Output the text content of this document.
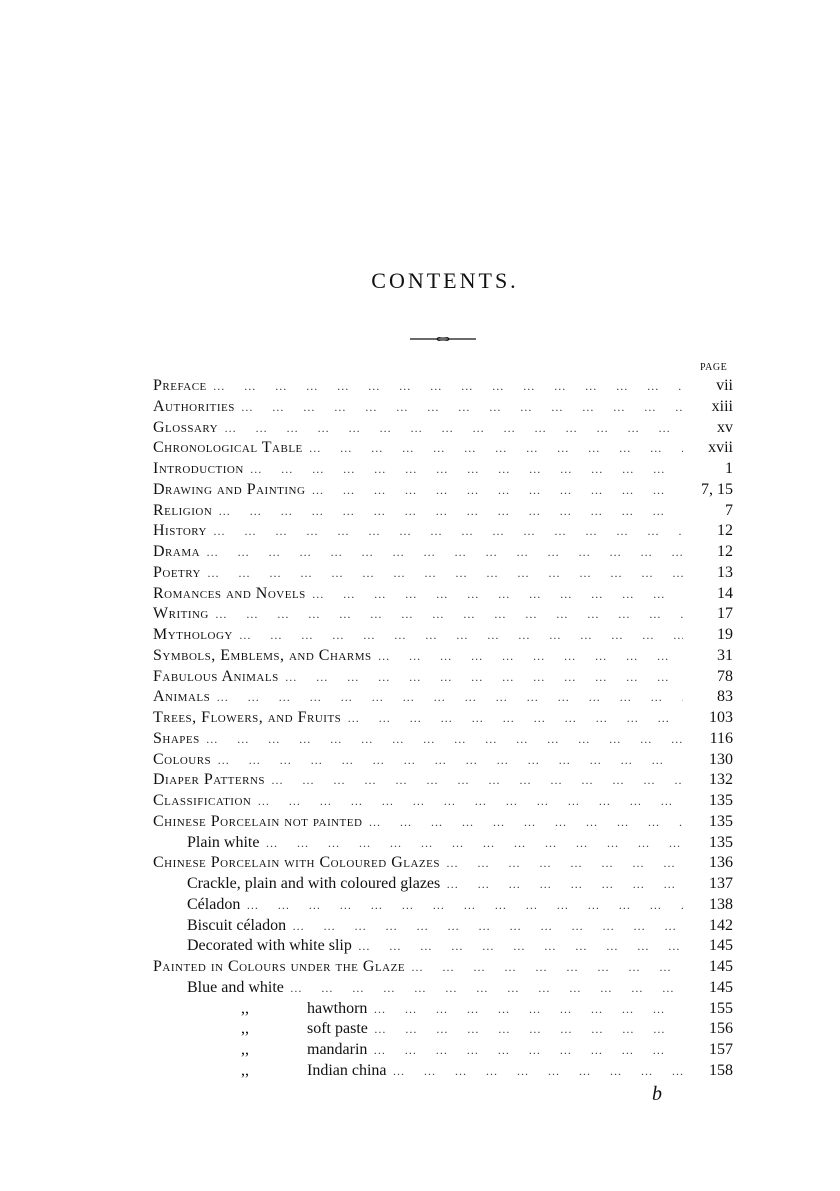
CONTENTS.
PAGE
Preface … … … … … … … … … … … … … … … … … … … …	vii
Authorities … … … … … … … … … … … … … … … … … … … …	xiii
Glossary … … … … … … … … … … … … … … … … … … … …	xv
Chronological Table … … … … … … … … … … … … … … … … … … … …	xvii
Introduction … … … … … … … … … … … … … … … … … … … …	1
Drawing and Painting … … … … … … … … … … … … … … … … … … … …	7, 15
Religion … … … … … … … … … … … … … … … … … … … …	7
History … … … … … … … … … … … … … … … … … … … …	12
Drama … … … … … … … … … … … … … … … … … … … …	12
Poetry … … … … … … … … … … … … … … … … … … … …	13
Romances and Novels … … … … … … … … … … … … … … … … … … … …	14
Writing … … … … … … … … … … … … … … … … … … … …	17
Mythology … … … … … … … … … … … … … … … … … … … …	19
Symbols, Emblems, and Charms … … … … … … … … … … … … … … … … … … … …	31
Fabulous Animals … … … … … … … … … … … … … … … … … … … …	78
Animals … … … … … … … … … … … … … … … … … … … …	83
Trees, Flowers, and Fruits … … … … … … … … … … … … … … … … … … … …	103
Shapes … … … … … … … … … … … … … … … … … … … …	116
Colours … … … … … … … … … … … … … … … … … … … …	130
Diaper Patterns … … … … … … … … … … … … … … … … … … … …	132
Classification … … … … … … … … … … … … … … … … … … … …	135
Chinese Porcelain not painted … … … … … … … … … … … … … … … … … … … …	135
Plain white … … … … … … … … … … … … … … … … … … … …	135
Chinese Porcelain with Coloured Glazes … … … … … … … … … … … … … … … … … … … …	136
Crackle, plain and with coloured glazes … … … … … … … … … … … … … … … … … … … …	137
Céladon … … … … … … … … … … … … … … … … … … … …	138
Biscuit céladon … … … … … … … … … … … … … … … … … … … …	142
Decorated with white slip … … … … … … … … … … … … … … … … … … … …	145
Painted in Colours under the Glaze … … … … … … … … … … … … … … … … … … … …	145
Blue and white … … … … … … … … … … … … … … … … … … … …	145
,,	hawthorn … … … … … … … … … … … … … … … … … … … …	155
,,	soft paste … … … … … … … … … … … … … … … … … … … …	156
,,	mandarin … … … … … … … … … … … … … … … … … … … …	157
,,	Indian china … … … … … … … … … … … … … … … … … … … …	158
b
